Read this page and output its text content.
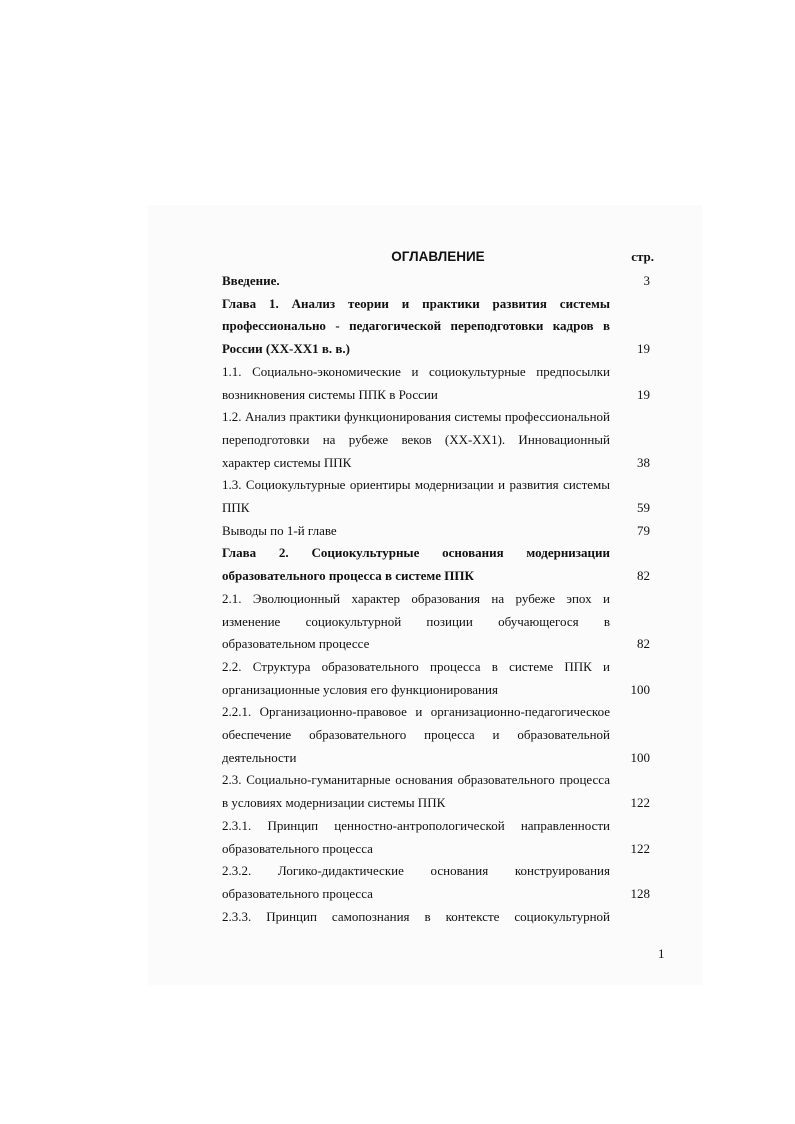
ОГЛАВЛЕНИЕ	стр.

Введение.	3

Глава 1. Анализ теории и практики развития системы профессионально - педагогической переподготовки кадров в России (XX-XX1 в. в.)	19

1.1. Социально-экономические и социокультурные предпосылки возникновения системы ППК в России	19

1.2. Анализ практики функционирования системы профессиональной переподготовки на рубеже веков (XX-XX1). Инновационный характер системы ППК	38

1.3. Социокультурные ориентиры модернизации и развития системы ППК	59

Выводы по 1-й главе	79

Глава 2. Социокультурные основания модернизации образовательного процесса в системе ППК	82

2.1. Эволюционный характер образования на рубеже эпох и изменение социокультурной позиции обучающегося в образовательном процессе	82

2.2. Структура образовательного процесса в системе ППК и организационные условия его функционирования	100

2.2.1. Организационно-правовое и организационно-педагогическое обеспечение образовательного процесса и образовательной деятельности	100

2.3. Социально-гуманитарные основания образовательного процесса в условиях модернизации системы ППК	122

2.3.1. Принцип ценностно-антропологической направленности образовательного процесса	122

2.3.2. Логико-дидактические основания конструирования образовательного процесса	128

2.3.3. Принцип самопознания в контексте социокультурной

1
